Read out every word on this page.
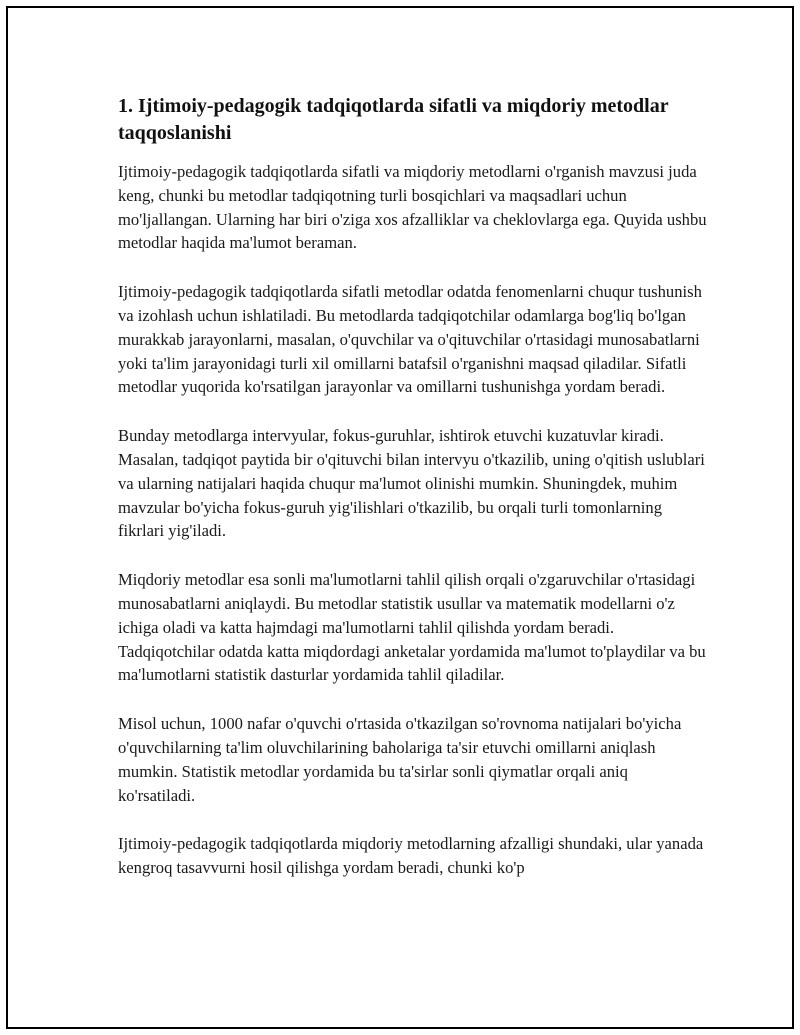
1. Ijtimoiy-pedagogik tadqiqotlarda sifatli va miqdoriy metodlar taqqoslanishi

Ijtimoiy-pedagogik tadqiqotlarda sifatli va miqdoriy metodlarni o'rganish mavzusi juda keng, chunki bu metodlar tadqiqotning turli bosqichlari va maqsadlari uchun mo'ljallangan. Ularning har biri o'ziga xos afzalliklar va cheklovlarga ega. Quyida ushbu metodlar haqida ma'lumot beraman.

Ijtimoiy-pedagogik tadqiqotlarda sifatli metodlar odatda fenomenlarni chuqur tushunish va izohlash uchun ishlatiladi. Bu metodlarda tadqiqotchilar odamlarga bog'liq bo'lgan murakkab jarayonlarni, masalan, o'quvchilar va o'qituvchilar o'rtasidagi munosabatlarni yoki ta'lim jarayonidagi turli xil omillarni batafsil o'rganishni maqsad qiladilar. Sifatli metodlar yuqorida ko'rsatilgan jarayonlar va omillarni tushunishga yordam beradi.

Bunday metodlarga intervyular, fokus-guruhlar, ishtirok etuvchi kuzatuvlar kiradi. Masalan, tadqiqot paytida bir o'qituvchi bilan intervyu o'tkazilib, uning o'qitish uslublari va ularning natijalari haqida chuqur ma'lumot olinishi mumkin. Shuningdek, muhim mavzular bo'yicha fokus-guruh yig'ilishlari o'tkazilib, bu orqali turli tomonlarning fikrlari yig'iladi.

Miqdoriy metodlar esa sonli ma'lumotlarni tahlil qilish orqali o'zgaruvchilar o'rtasidagi munosabatlarni aniqlaydi. Bu metodlar statistik usullar va matematik modellarni o'z ichiga oladi va katta hajmdagi ma'lumotlarni tahlil qilishda yordam beradi. Tadqiqotchilar odatda katta miqdordagi anketalar yordamida ma'lumot to'playdilar va bu ma'lumotlarni statistik dasturlar yordamida tahlil qiladilar.

Misol uchun, 1000 nafar o'quvchi o'rtasida o'tkazilgan so'rovnoma natijalari bo'yicha o'quvchilarning ta'lim oluvchilarining baholariga ta'sir etuvchi omillarni aniqlash mumkin. Statistik metodlar yordamida bu ta'sirlar sonli qiymatlar orqali aniq ko'rsatiladi.

Ijtimoiy-pedagogik tadqiqotlarda miqdoriy metodlarning afzalligi shundaki, ular yanada kengroq tasavvurni hosil qilishga yordam beradi, chunki ko'p
